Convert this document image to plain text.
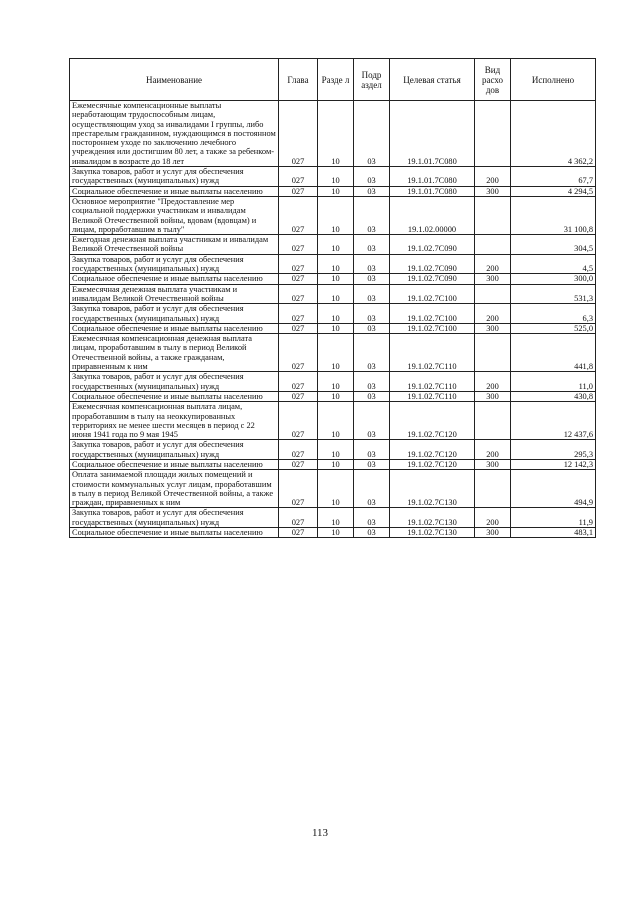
Наименование	Глава	Разде л	Подр аздел	Целевая статья	Вид расхо дов	Исполнено
Ежемесячные компенсационные выплаты неработающим трудоспособным лицам, осуществляющим уход за инвалидами I группы, либо престарелым гражданином, нуждающимся в постоянном постороннем уходе по заключению лечебного учреждения или достигшим 80 лет, а также за ребенком-инвалидом в возрасте до 18 лет	027	10	03	19.1.01.7С080		4 362,2
Закупка товаров, работ и услуг для обеспечения государственных (муниципальных) нужд	027	10	03	19.1.01.7С080	200	67,7
Социальное обеспечение и иные выплаты населению	027	10	03	19.1.01.7С080	300	4 294,5
Основное мероприятие "Предоставление мер социальной поддержки участникам и инвалидам Великой Отечественной войны, вдовам (вдовцам) и лицам, проработавшим в тылу"	027	10	03	19.1.02.00000		31 100,8
Ежегодная денежная выплата участникам и инвалидам Великой Отечественной войны	027	10	03	19.1.02.7С090		304,5
Закупка товаров, работ и услуг для обеспечения государственных (муниципальных) нужд	027	10	03	19.1.02.7С090	200	4,5
Социальное обеспечение и иные выплаты населению	027	10	03	19.1.02.7С090	300	300,0
Ежемесячная денежная выплата участникам и инвалидам Великой Отечественной войны	027	10	03	19.1.02.7С100		531,3
Закупка товаров, работ и услуг для обеспечения государственных (муниципальных) нужд	027	10	03	19.1.02.7С100	200	6,3
Социальное обеспечение и иные выплаты населению	027	10	03	19.1.02.7С100	300	525,0
Ежемесячная компенсационная денежная выплата лицам, проработавшим в тылу в период Великой Отечественной войны, а также гражданам, приравненным к ним	027	10	03	19.1.02.7С110		441,8
Закупка товаров, работ и услуг для обеспечения государственных (муниципальных) нужд	027	10	03	19.1.02.7С110	200	11,0
Социальное обеспечение и иные выплаты населению	027	10	03	19.1.02.7С110	300	430,8
Ежемесячная компенсационная выплата лицам, проработавшим в тылу на неоккупированных территориях не менее шести месяцев в период с 22 июня 1941 года по 9 мая 1945	027	10	03	19.1.02.7С120		12 437,6
Закупка товаров, работ и услуг для обеспечения государственных (муниципальных) нужд	027	10	03	19.1.02.7С120	200	295,3
Социальное обеспечение и иные выплаты населению	027	10	03	19.1.02.7С120	300	12 142,3
Оплата занимаемой площади жилых помещений и стоимости коммунальных услуг лицам, проработавшим в тылу в период Великой Отечественной войны, а также граждан, приравненных к ним	027	10	03	19.1.02.7С130		494,9
Закупка товаров, работ и услуг для обеспечения государственных (муниципальных) нужд	027	10	03	19.1.02.7С130	200	11,9
Социальное обеспечение и иные выплаты населению	027	10	03	19.1.02.7С130	300	483,1
113
